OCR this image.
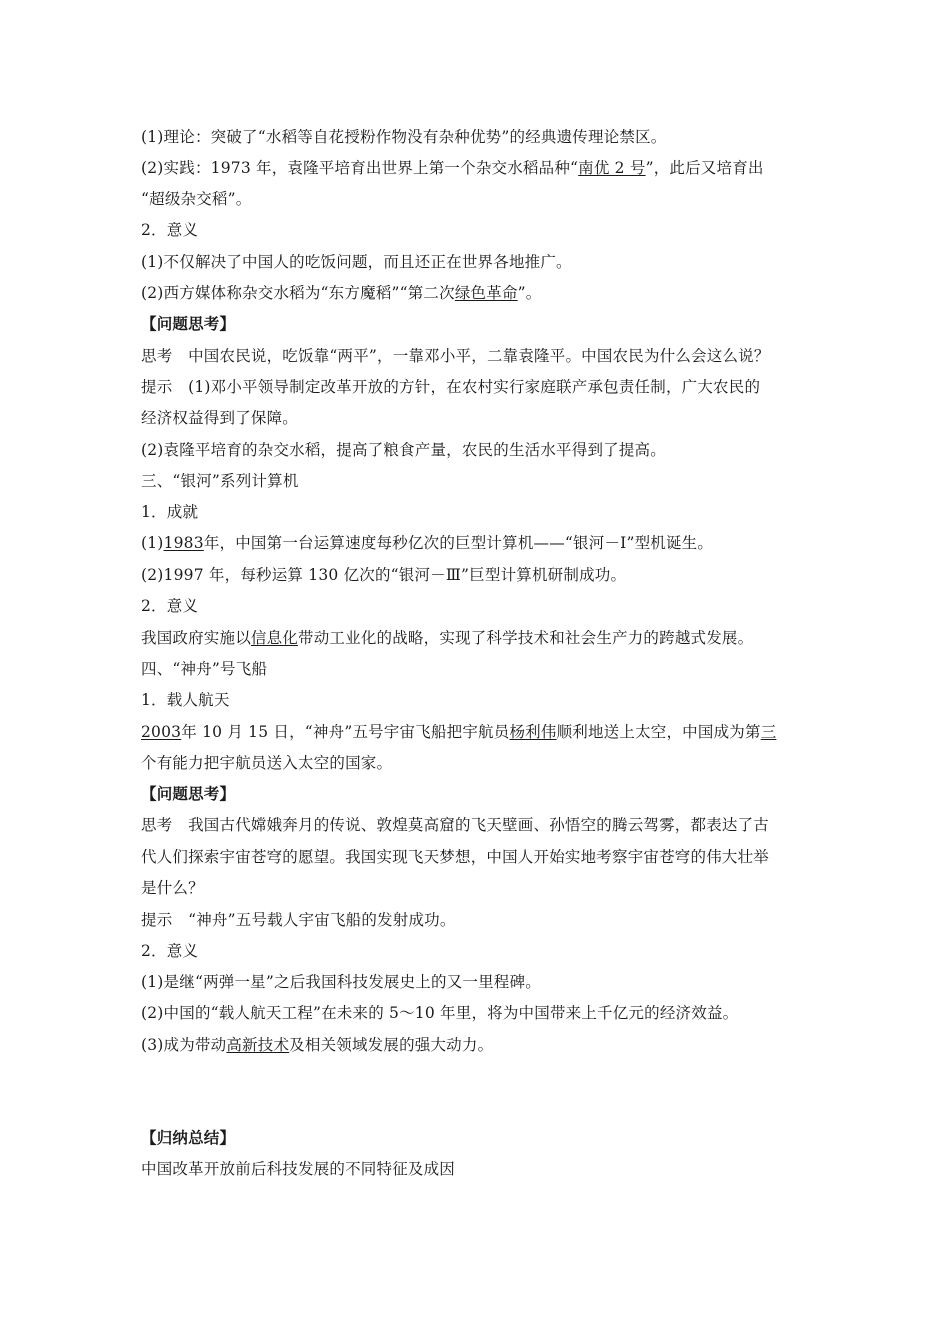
(1)理论：突破了“水稻等自花授粉作物没有杂种优势”的经典遗传理论禁区。
(2)实践：1973 年，袁隆平培育出世界上第一个杂交水稻品种“南优 2 号”，此后又培育出
“超级杂交稻”。
2．意义
(1)不仅解决了中国人的吃饭问题，而且还正在世界各地推广。
(2)西方媒体称杂交水稻为“东方魔稻”“第二次绿色革命”。
【问题思考】
思考　中国农民说，吃饭靠“两平”，一靠邓小平，二靠袁隆平。中国农民为什么会这么说？
提示　(1)邓小平领导制定改革开放的方针，在农村实行家庭联产承包责任制，广大农民的
经济权益得到了保障。
(2)袁隆平培育的杂交水稻，提高了粮食产量，农民的生活水平得到了提高。
三、“银河”系列计算机
1．成就
(1)1983年，中国第一台运算速度每秒亿次的巨型计算机——“银河－Ⅰ”型机诞生。
(2)1997 年，每秒运算 130 亿次的“银河－Ⅲ”巨型计算机研制成功。
2．意义
我国政府实施以信息化带动工业化的战略，实现了科学技术和社会生产力的跨越式发展。
四、“神舟”号飞船
1．载人航天
2003年 10 月 15 日，“神舟”五号宇宙飞船把宇航员杨利伟顺利地送上太空，中国成为第三
个有能力把宇航员送入太空的国家。
【问题思考】
思考　我国古代嫦娥奔月的传说、敦煌莫高窟的飞天壁画、孙悟空的腾云驾雾，都表达了古
代人们探索宇宙苍穹的愿望。我国实现飞天梦想，中国人开始实地考察宇宙苍穹的伟大壮举
是什么？
提示　“神舟”五号载人宇宙飞船的发射成功。
2．意义
(1)是继“两弹一星”之后我国科技发展史上的又一里程碑。
(2)中国的“载人航天工程”在未来的 5～10 年里，将为中国带来上千亿元的经济效益。
(3)成为带动高新技术及相关领域发展的强大动力。
【归纳总结】
中国改革开放前后科技发展的不同特征及成因
